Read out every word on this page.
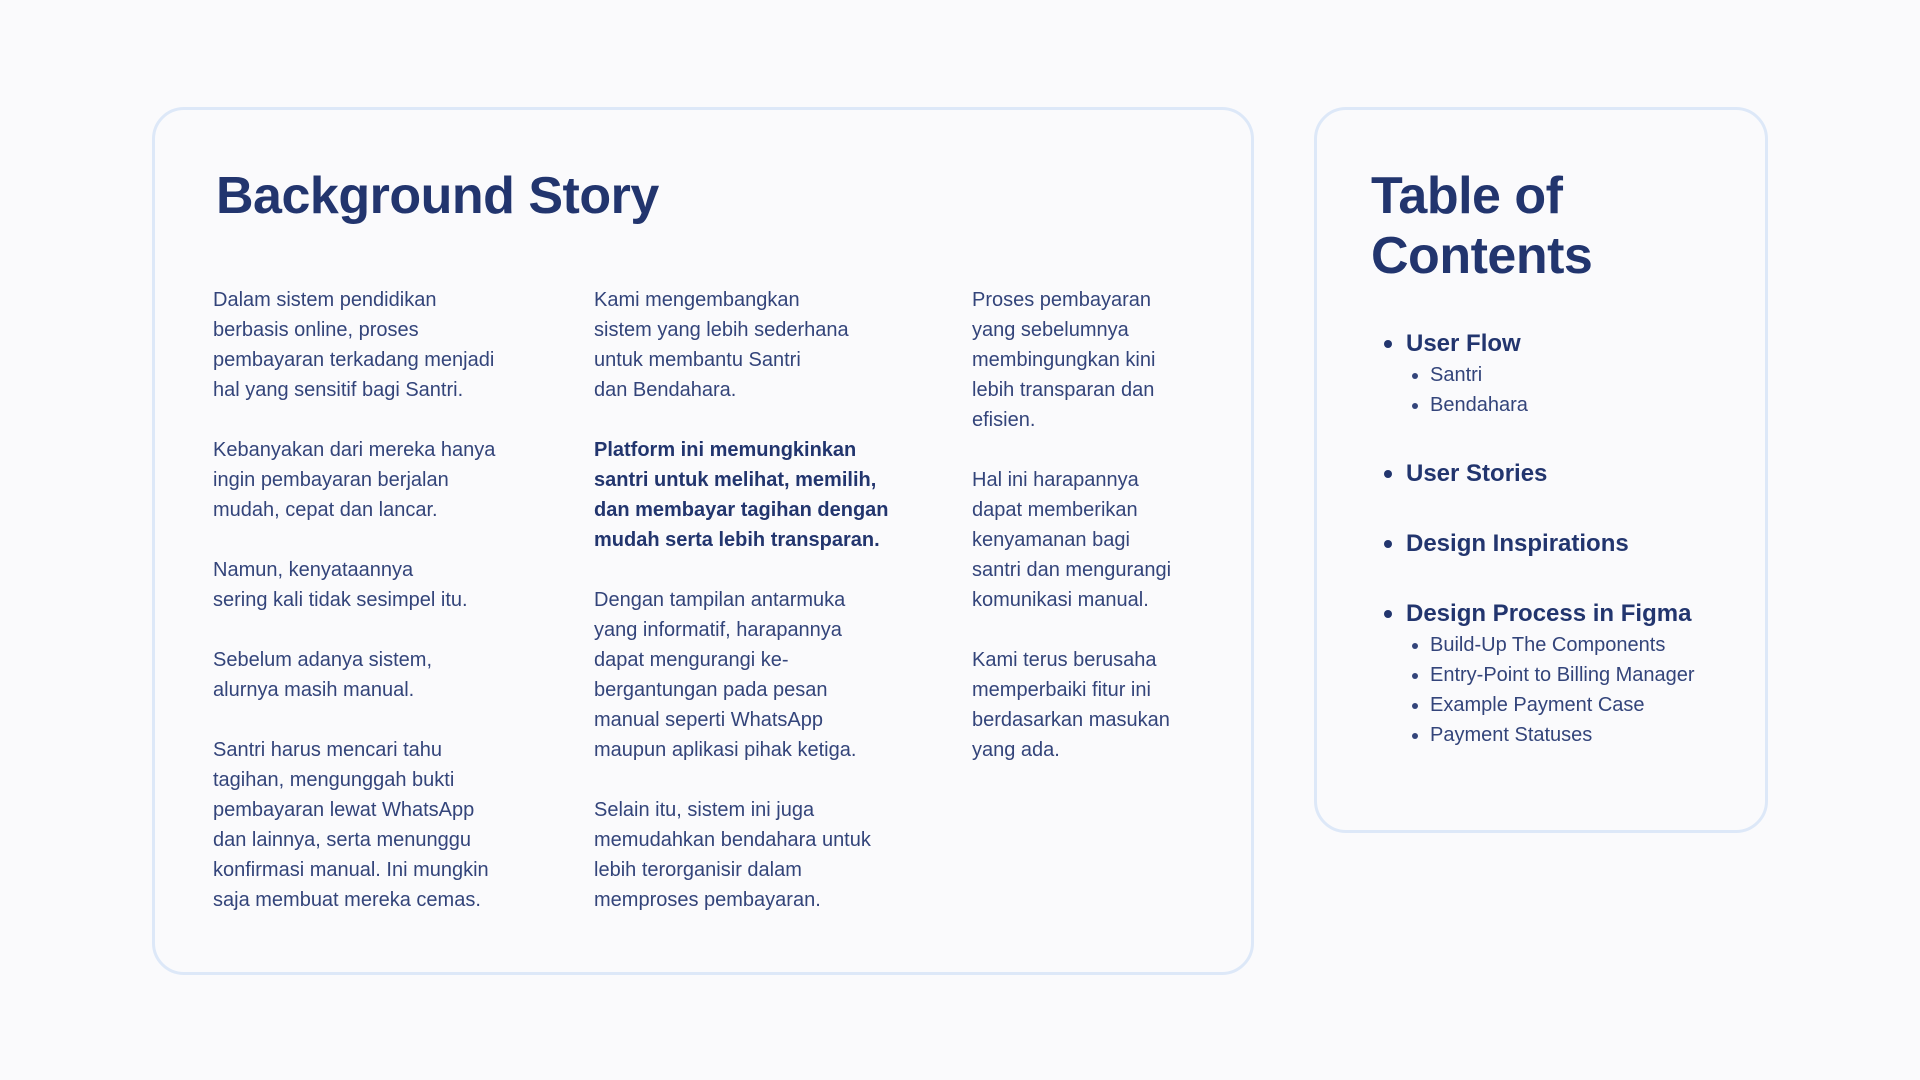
Background Story

Dalam sistem pendidikan
berbasis online, proses
pembayaran terkadang menjadi
hal yang sensitif bagi Santri.

Kebanyakan dari mereka hanya
ingin pembayaran berjalan
mudah, cepat dan lancar.

Namun, kenyataannya
sering kali tidak sesimpel itu.

Sebelum adanya sistem,
alurnya masih manual.

Santri harus mencari tahu
tagihan, mengunggah bukti
pembayaran lewat WhatsApp
dan lainnya, serta menunggu
konfirmasi manual. Ini mungkin
saja membuat mereka cemas.

Kami mengembangkan
sistem yang lebih sederhana
untuk membantu Santri
dan Bendahara.

Platform ini memungkinkan
santri untuk melihat, memilih,
dan membayar tagihan dengan
mudah serta lebih transparan.

Dengan tampilan antarmuka
yang informatif, harapannya
dapat mengurangi ke-
bergantungan pada pesan
manual seperti WhatsApp
maupun aplikasi pihak ketiga.

Selain itu, sistem ini juga
memudahkan bendahara untuk
lebih terorganisir dalam
memproses pembayaran.

Proses pembayaran
yang sebelumnya
membingungkan kini
lebih transparan dan
efisien.

Hal ini harapannya
dapat memberikan
kenyamanan bagi
santri dan mengurangi
komunikasi manual.

Kami terus berusaha
memperbaiki fitur ini
berdasarkan masukan
yang ada.

Table of Contents
User Flow
Santri
Bendahara
User Stories
Design Inspirations
Design Process in Figma
Build-Up The Components
Entry-Point to Billing Manager
Example Payment Case
Payment Statuses
